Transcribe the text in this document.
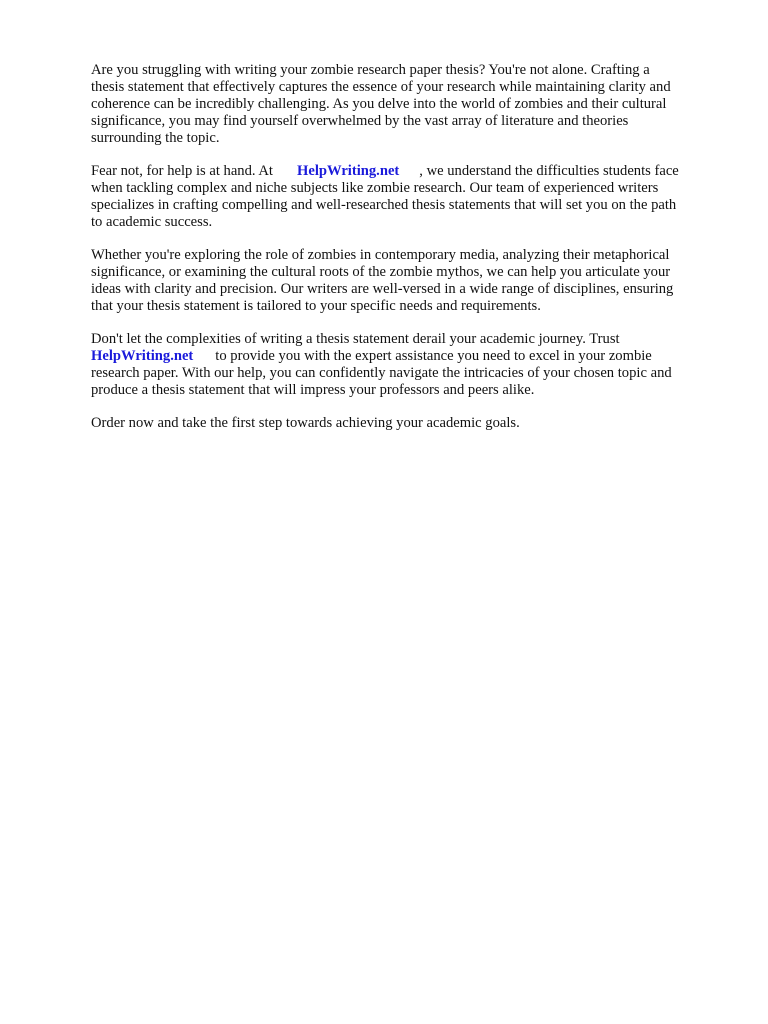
Are you struggling with writing your zombie research paper thesis? You're not alone. Crafting a
thesis statement that effectively captures the essence of your research while maintaining clarity and
coherence can be incredibly challenging. As you delve into the world of zombies and their cultural
significance, you may find yourself overwhelmed by the vast array of literature and theories
surrounding the topic.

Fear not, for help is at hand. At HelpWriting.net , we understand the difficulties students face
when tackling complex and niche subjects like zombie research. Our team of experienced writers
specializes in crafting compelling and well-researched thesis statements that will set you on the path
to academic success.

Whether you're exploring the role of zombies in contemporary media, analyzing their metaphorical
significance, or examining the cultural roots of the zombie mythos, we can help you articulate your
ideas with clarity and precision. Our writers are well-versed in a wide range of disciplines, ensuring
that your thesis statement is tailored to your specific needs and requirements.

Don't let the complexities of writing a thesis statement derail your academic journey. Trust
HelpWriting.net to provide you with the expert assistance you need to excel in your zombie
research paper. With our help, you can confidently navigate the intricacies of your chosen topic and
produce a thesis statement that will impress your professors and peers alike.

Order now and take the first step towards achieving your academic goals.
